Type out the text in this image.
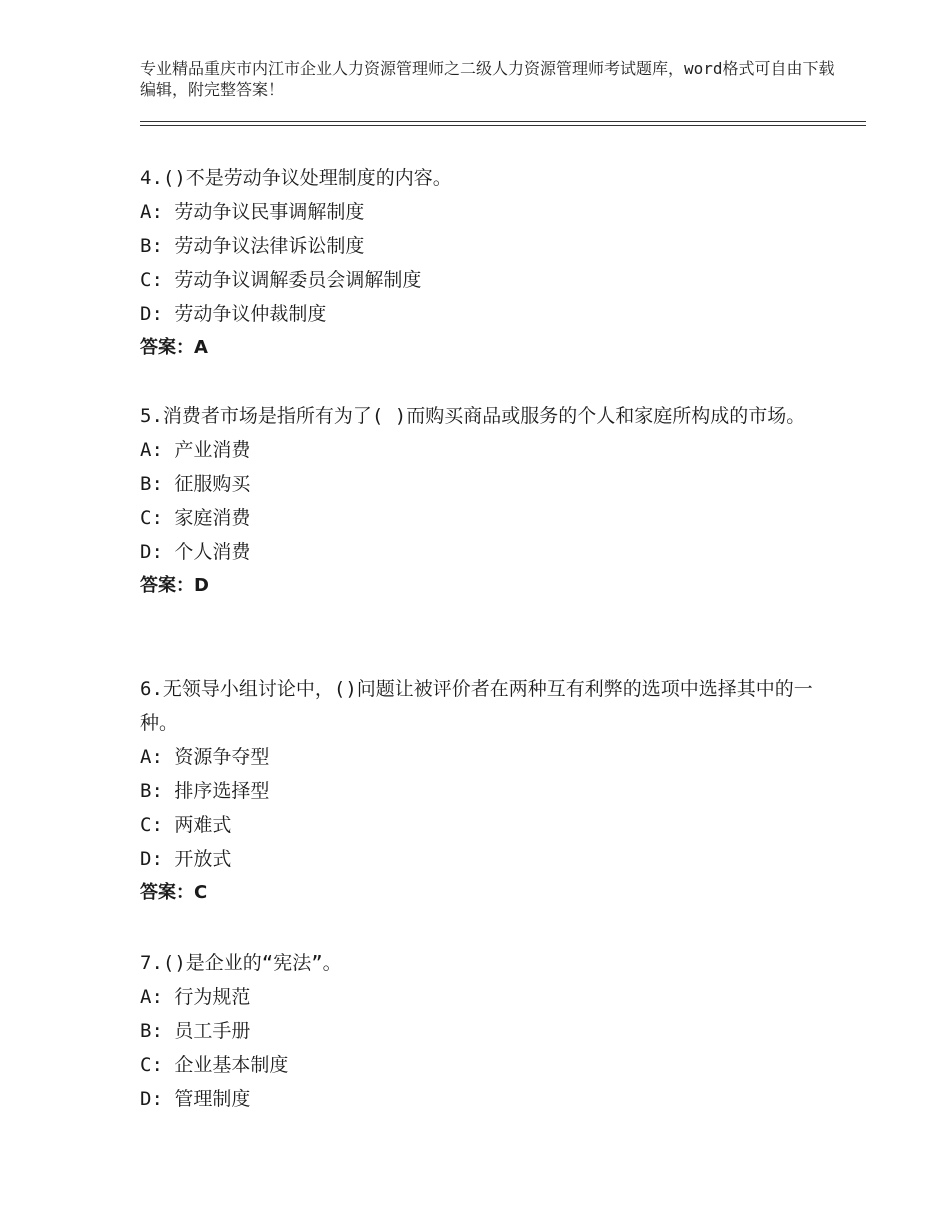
专业精品重庆市内江市企业人力资源管理师之二级人力资源管理师考试题库，word格式可自由下载编辑，附完整答案！
4.()不是劳动争议处理制度的内容。
A: 劳动争议民事调解制度
B: 劳动争议法律诉讼制度
C: 劳动争议调解委员会调解制度
D: 劳动争议仲裁制度
答案：A
5.消费者市场是指所有为了( )而购买商品或服务的个人和家庭所构成的市场。
A: 产业消费
B: 征服购买
C: 家庭消费
D: 个人消费
答案：D
6.无领导小组讨论中，()问题让被评价者在两种互有利弊的选项中选择其中的一种。
A: 资源争夺型
B: 排序选择型
C: 两难式
D: 开放式
答案：C
7.()是企业的“宪法”。
A: 行为规范
B: 员工手册
C: 企业基本制度
D: 管理制度
